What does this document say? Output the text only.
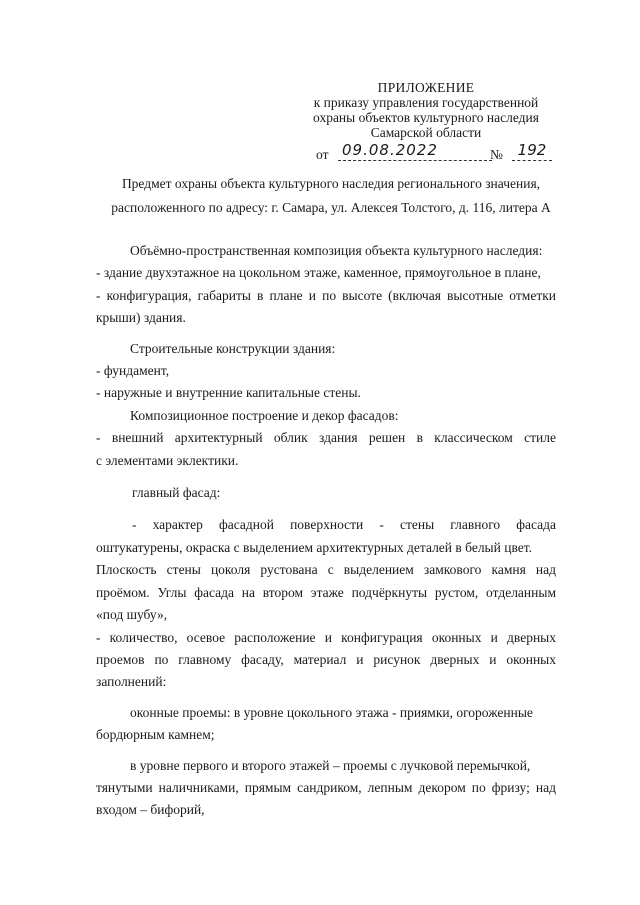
ПРИЛОЖЕНИЕ
к приказу управления государственной
охраны объектов культурного наследия
Самарской области
от 09.08.2022	№ 192
Предмет охраны объекта культурного наследия регионального значения,
расположенного по адресу: г. Самара, ул. Алексея Толстого, д. 116, литера А

Объёмно-пространственная композиция объекта культурного наследия:

- здание двухэтажное на цокольном этаже, каменное, прямоугольное в плане,

- конфигурация, габариты в плане и по высоте (включая высотные отметки

крыши) здания.

Строительные конструкции здания:

- фундамент,

- наружные и внутренние капитальные стены.

Композиционное построение и декор фасадов:

- внешний архитектурный облик здания решен в классическом стиле

с элементами эклектики.

главный фасад:

- характер фасадной поверхности - стены главного фасада

оштукатурены, окраска с выделением архитектурных деталей в белый цвет.

Плоскость стены цоколя рустована с выделением замкового камня над

проёмом. Углы фасада на втором этаже подчёркнуты рустом, отделанным

«под шубу»,

- количество, осевое расположение и конфигурация оконных и дверных

проемов по главному фасаду, материал и рисунок дверных и оконных

заполнений:

оконные проемы: в уровне цокольного этажа - приямки, огороженные

бордюрным камнем;

в уровне первого и второго этажей – проемы с лучковой перемычкой,

тянутыми наличниками, прямым сандриком, лепным декором по фризу; над

входом – бифорий,
